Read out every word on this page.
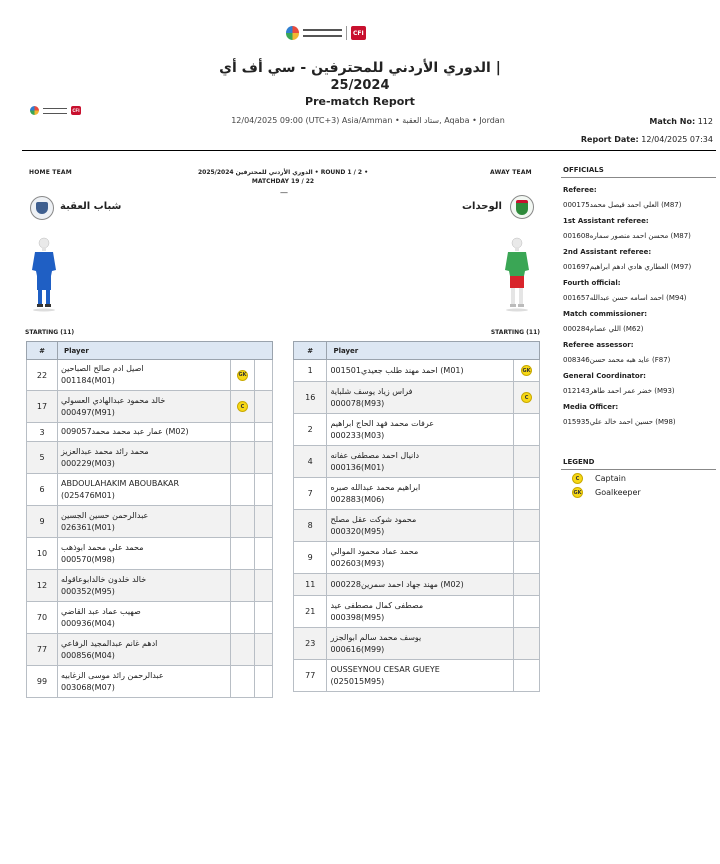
CFI
الدوري الأردني للمحترفين - سي أف أي |
25/2024
Pre-match Report
CFI
12/04/2025 09:00 (UTC+3) Asia/Amman • ستاد العقبة, Aqaba • Jordan	Match No: 112
Report Date: 12/04/2025 07:34
HOME TEAM	AWAY TEAM
2025/2024 الدوري الأردني للمحترفين • ROUND 1 / 2 •
MATCHDAY 19 / 22
—
شباب العقبة	الوحدات
STARTING (11)	STARTING (11)
#	Player		
22	اصيل ادم صالح الصباحين
001184(M01)	GK	
17	خالد محمود عبدالهادي العسولي
000497(M91)	C	
3	009057عمار عبد محمد محمد (M02)		

5	محمد رائد محمد عبدالعزيز
000229(M03)		

6	ABDOULAHAKIM ABOUBAKAR
(025476M01)		

9	عبدالرحمن حسين الجسين
026361(M01)		

10	محمد علي محمد ابوذهب
000570(M98)		

12	خالد خلدون خالدابوعاقوله
000352(M95)		

70	صهيب عماد عبد القاضي
000936(M04)		

77	ادهم غانم عبدالمجيد الرفاعي
000856(M04)		

99	عبدالرحمن رائد موسى الزغابيه
003068(M07)		

#	Player	
1	001501احمد مهند طلب جعيدي (M01)	GK
16	فراس زياد يوسف شلباية
000078(M93)	C
2	عرفات محمد فهد الحاج ابراهيم
000233(M03)	

4	دانيال احمد مصطفى عفانه
000136(M01)	

7	ابراهيم محمد عبدالله صبره
002883(M06)	

8	محمود شوكت عقل مصلح
000320(M95)	

9	محمد عماد محمود الموالي
002603(M93)	

11	000228مهند جهاد احمد سمرين (M02)	

21	مصطفى كمال مصطفى عيد
000398(M95)	

23	يوسف محمد سالم ابوالجزر
000616(M99)	

77	OUSSEYNOU CESAR GUEYE
(025015M95)	

OFFICIALS
Referee:
000175العلي احمد فيصل محمد (M87)
1st Assistant referee:
001608محسن احمد منصور سماره (M87)
2nd Assistant referee:
001697العطاري هادي ادهم ابراهيم (M97)
Fourth official:
001657احمد اسامه حسن عبدالله (M94)
Match commissioner:
000284اللي عصام (M62)
Referee assessor:
008346عايد هبه محمد حسن (F87)
General Coordinator:
012143خضر عمر احمد طاهر (M93)
Media Officer:
015935حسين احمد خالد علي (M98)
LEGEND
C	Captain
GK Goalkeeper
